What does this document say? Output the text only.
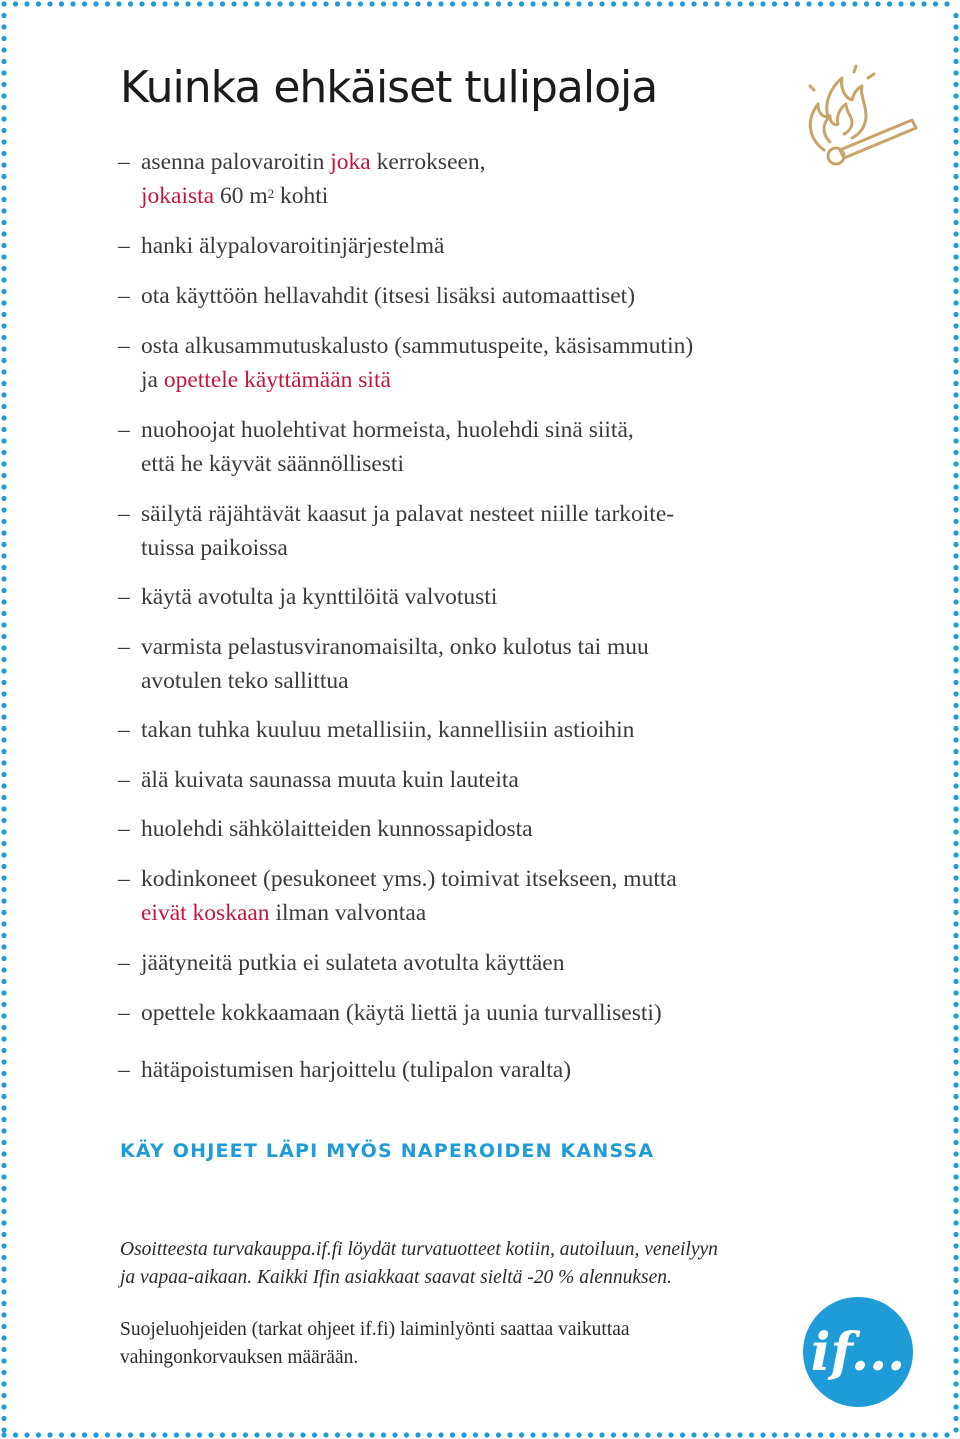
Kuinka ehkäiset tulipaloja
– asenna palovaroitin joka kerrokseen,
jokaista 60 $m^2$ kohti
– hanki älypalovaroitinjärjestelmä
– ota käyttöön hellavahdit (itsesi lisäksi automaattiset)
– osta alkusammutuskalusto (sammutuspeite, käsisammutin)
ja opettele käyttämään sitä
– nuohoojat huolehtivat hormeista, huolehdi sinä siitä,
että he käyvät säännöllisesti
– säilytä räjähtävät kaasut ja palavat nesteet niille tarkoite-
tuissa paikoissa
– käytä avotulta ja kynttilöitä valvotusti
– varmista pelastusviranomaisilta, onko kulotus tai muu
avotulen teko sallittua
– takan tuhka kuuluu metallisiin, kannellisiin astioihin
– älä kuivata saunassa muuta kuin lauteita
– huolehdi sähkölaitteiden kunnossapidosta
– kodinkoneet (pesukoneet yms.) toimivat itsekseen, mutta
eivät koskaan ilman valvontaa
– jäätyneitä putkia ei sulateta avotulta käyttäen
– opettele kokkaamaan (käytä liettä ja uunia turvallisesti)
– hätäpoistumisen harjoittelu (tulipalon varalta)
KÄY OHJEET LÄPI MYÖS NAPEROIDEN KANSSA

Osoitteesta turvakauppa.if.fi löydät turvatuotteet kotiin, autoiluun, veneilyyn

ja vapaa-aikaan. Kaikki Ifin asiakkaat saavat sieltä -20 % alennuksen.

Suojeluohjeiden (tarkat ohjeet if.fi) laiminlyönti saattaa vaikuttaa

vahingonkorvauksen määrään.	if...
